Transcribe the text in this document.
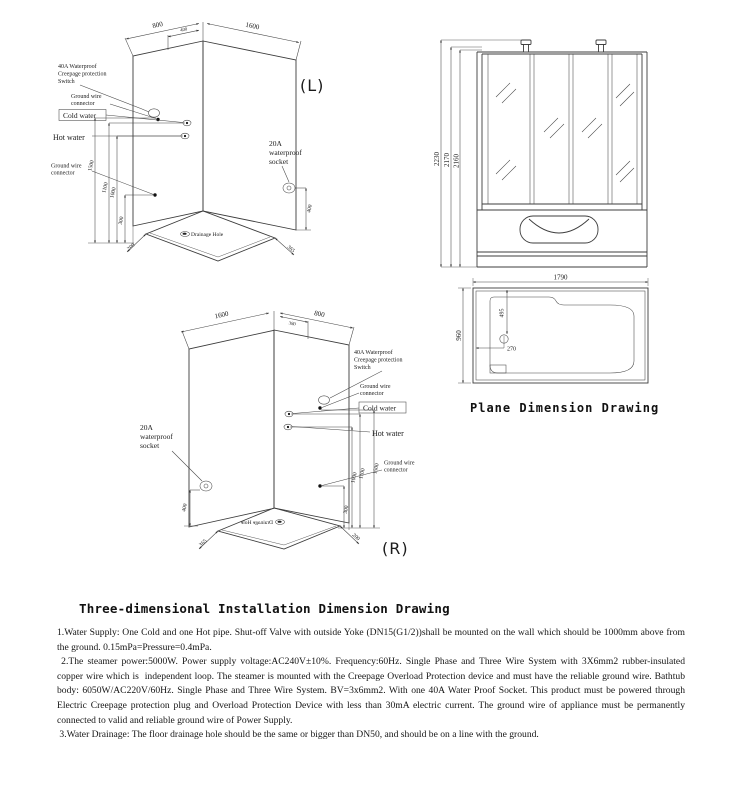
Drainage Hole
800
400	1600
1500
1100 1000
300
400
365
200
40A Waterproof
Creepage protection
Switch
Ground wire
connector
Cold water
Hot water
Ground wire
connector
20A
waterproof
socket
(L)
2230 2170 2160
1790
960
495
270
Plane Dimension Drawing
Drainage Hole
1600	800
380
1500
1100
1000
300
400
365
200
40A Waterproof
Creepage protection
Switch
Ground wire
connector
Cold water
Hot water
Ground wire
connector
20A
waterproof
socket
(R)
Three-dimensional Installation Dimension Drawing

1.Water Supply: One Cold and one Hot pipe. Shut-off Valve with outside Yoke (DN15(G1/2))shall be mounted on the wall which should be 1000mm above from the ground. 0.15mPa=Pressure=0.4mPa.

2.The steamer power:5000W. Power supply voltage:AC240V±10%. Frequency:60Hz. Single Phase and Three Wire System with 3X6mm2 rubber-insulated copper wire which is  independent loop. The steamer is mounted with the Creepage Overload Protection device and must have the reliable ground wire. Bathtub body: 6050W/AC220V/60Hz. Single Phase and Three Wire System. BV=3x6mm2. With one 40A Water Proof Socket. This product must be powered through Electric Creepage protection plug and Overload Protection Device with less than 30mA electric current. The ground wire of appliance must be permanently connected to valid and reliable ground wire of Power Supply.

3.Water Drainage: The floor drainage hole should be the same or bigger than DN50, and should be on a line with the ground.
